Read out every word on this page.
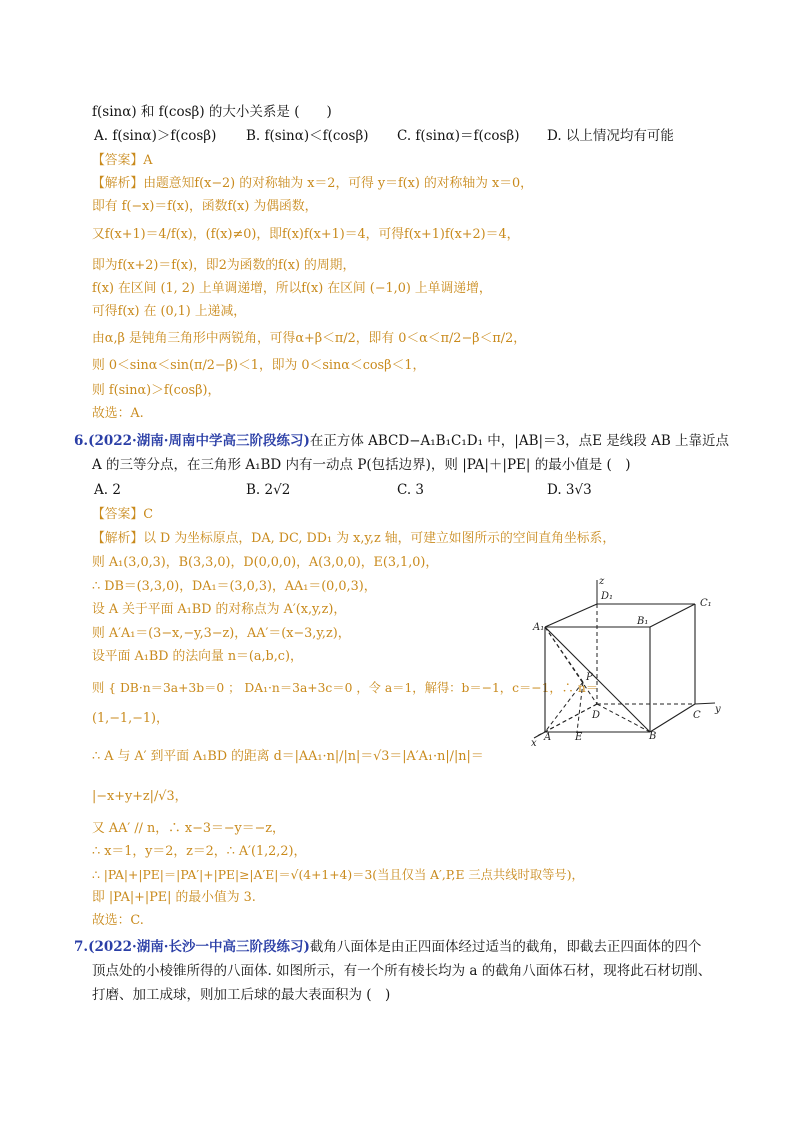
f(sinα) 和 f(cosβ) 的大小关系是 (　　)
A. f(sinα)＞f(cosβ) B. f(sinα)＜f(cosβ) C. f(sinα)＝f(cosβ) D. 以上情况均有可能
【答案】A
【解析】由题意知f(x−2) 的对称轴为 x＝2，可得 y＝f(x) 的对称轴为 x＝0，
即有 f(−x)＝f(x)，函数f(x) 为偶函数，
又f(x+1)＝4/f(x)，(f(x)≠0)，即f(x)f(x+1)＝4，可得f(x+1)f(x+2)＝4，
即为f(x+2)＝f(x)，即2为函数的f(x) 的周期，
f(x) 在区间 (1, 2) 上单调递增，所以f(x) 在区间 (−1,0) 上单调递增，
可得f(x) 在 (0,1) 上递减，
由α,β 是钝角三角形中两锐角，可得α+β＜π/2，即有 0＜α＜π/2−β＜π/2，
则 0＜sinα＜sin(π/2−β)＜1，即为 0＜sinα＜cosβ＜1，
则 f(sinα)＞f(cosβ)，
故选：A.
6.(2022·湖南·周南中学高三阶段练习)在正方体 ABCD−A₁B₁C₁D₁ 中，|AB|＝3，点E 是线段 AB 上靠近点
A 的三等分点，在三角形 A₁BD 内有一动点 P(包括边界)，则 |PA|＋|PE| 的最小值是 (　)
A. 2	B. 2√2	C. 3	D. 3√3
【答案】C
【解析】以 D 为坐标原点，DA, DC, DD₁ 为 x,y,z 轴，可建立如图所示的空间直角坐标系，
则 A₁(3,0,3)，B(3,3,0)，D(0,0,0)，A(3,0,0)，E(3,1,0)，
∴ DB＝(3,3,0)，DA₁＝(3,0,3)，AA₁＝(0,0,3)，
设 A 关于平面 A₁BD 的对称点为 A′(x,y,z)，
则 A′A₁＝(3−x,−y,3−z)，AA′＝(x−3,y,z)，
设平面 A₁BD 的法向量 n＝(a,b,c)，
则 { DB·n＝3a+3b＝0 ； DA₁·n＝3a+3c＝0 ，令 a＝1，解得：b＝−1，c＝−1，∴ n＝
(1,−1,−1)，
∴ A 与 A′ 到平面 A₁BD 的距离 d＝|AA₁·n|/|n|＝√3＝|A′A₁·n|/|n|＝
|−x+y+z|/√3，
又 AA′ // n，∴ x−3＝−y＝−z，
∴ x＝1，y＝2，z＝2，∴ A′(1,2,2)，
∴ |PA|+|PE|＝|PA′|+|PE|≥|A′E|＝√(4+1+4)＝3(当且仅当 A′,P,E 三点共线时取等号)，
即 |PA|+|PE| 的最小值为 3.
故选：C.
z
D₁
C₁
A₁
B₁
P
D	C
y
A	B
x
E
7.(2022·湖南·长沙一中高三阶段练习)截角八面体是由正四面体经过适当的截角，即截去正四面体的四个
顶点处的小棱锥所得的八面体. 如图所示，有一个所有棱长均为 a 的截角八面体石材，现将此石材切削、
打磨、加工成球，则加工后球的最大表面积为 (　)
